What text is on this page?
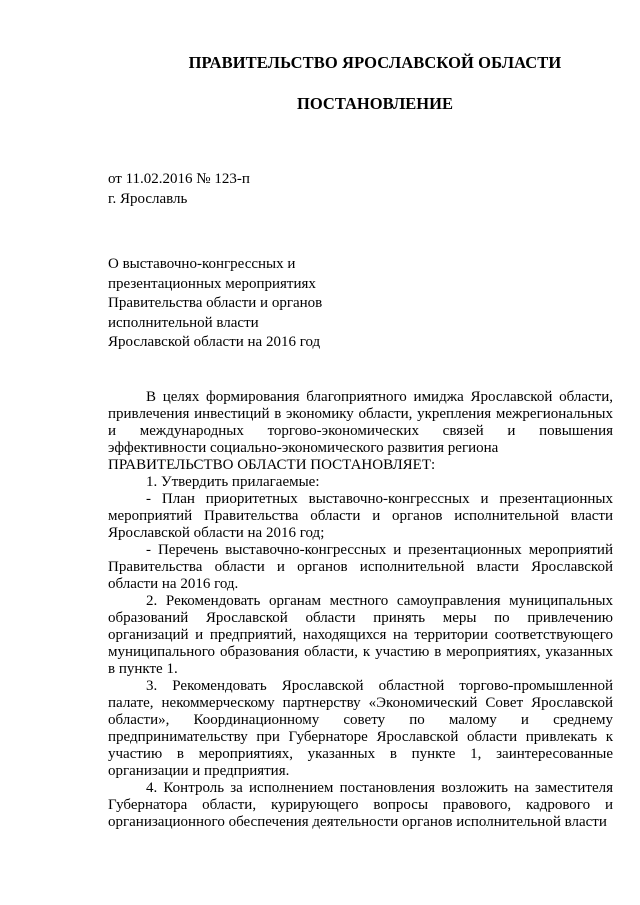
ПРАВИТЕЛЬСТВО ЯРОСЛАВСКОЙ ОБЛАСТИ
ПОСТАНОВЛЕНИЕ
от 11.02.2016 № 123-п
г. Ярославль
О выставочно-конгрессных и
презентационных мероприятиях
Правительства области и органов
исполнительной власти
Ярославской области на 2016 год

В целях формирования благоприятного имиджа Ярославской области, привлечения инвестиций в экономику области, укрепления межрегиональных и международных торгово-экономических связей и повышения эффективности социально-экономического развития региона

ПРАВИТЕЛЬСТВО ОБЛАСТИ ПОСТАНОВЛЯЕТ:

1. Утвердить прилагаемые:

- План приоритетных выставочно-конгрессных и презентационных мероприятий Правительства области и органов исполнительной власти Ярославской области на 2016 год;

- Перечень выставочно-конгрессных и презентационных мероприятий Правительства области и органов исполнительной власти Ярославской области на 2016 год.

2. Рекомендовать органам местного самоуправления муниципальных образований Ярославской области принять меры по привлечению организаций и предприятий, находящихся на территории соответствующего муниципального образования области, к участию в мероприятиях, указанных в пункте 1.

3. Рекомендовать Ярославской областной торгово-промышленной палате, некоммерческому партнерству «Экономический Совет Ярославской области», Координационному совету по малому и среднему предпринимательству при Губернаторе Ярославской области привлекать к участию в мероприятиях, указанных в пункте 1, заинтересованные организации и предприятия.

4. Контроль за исполнением постановления возложить на заместителя Губернатора области, курирующего вопросы правового, кадрового и организационного обеспечения деятельности органов исполнительной власти
